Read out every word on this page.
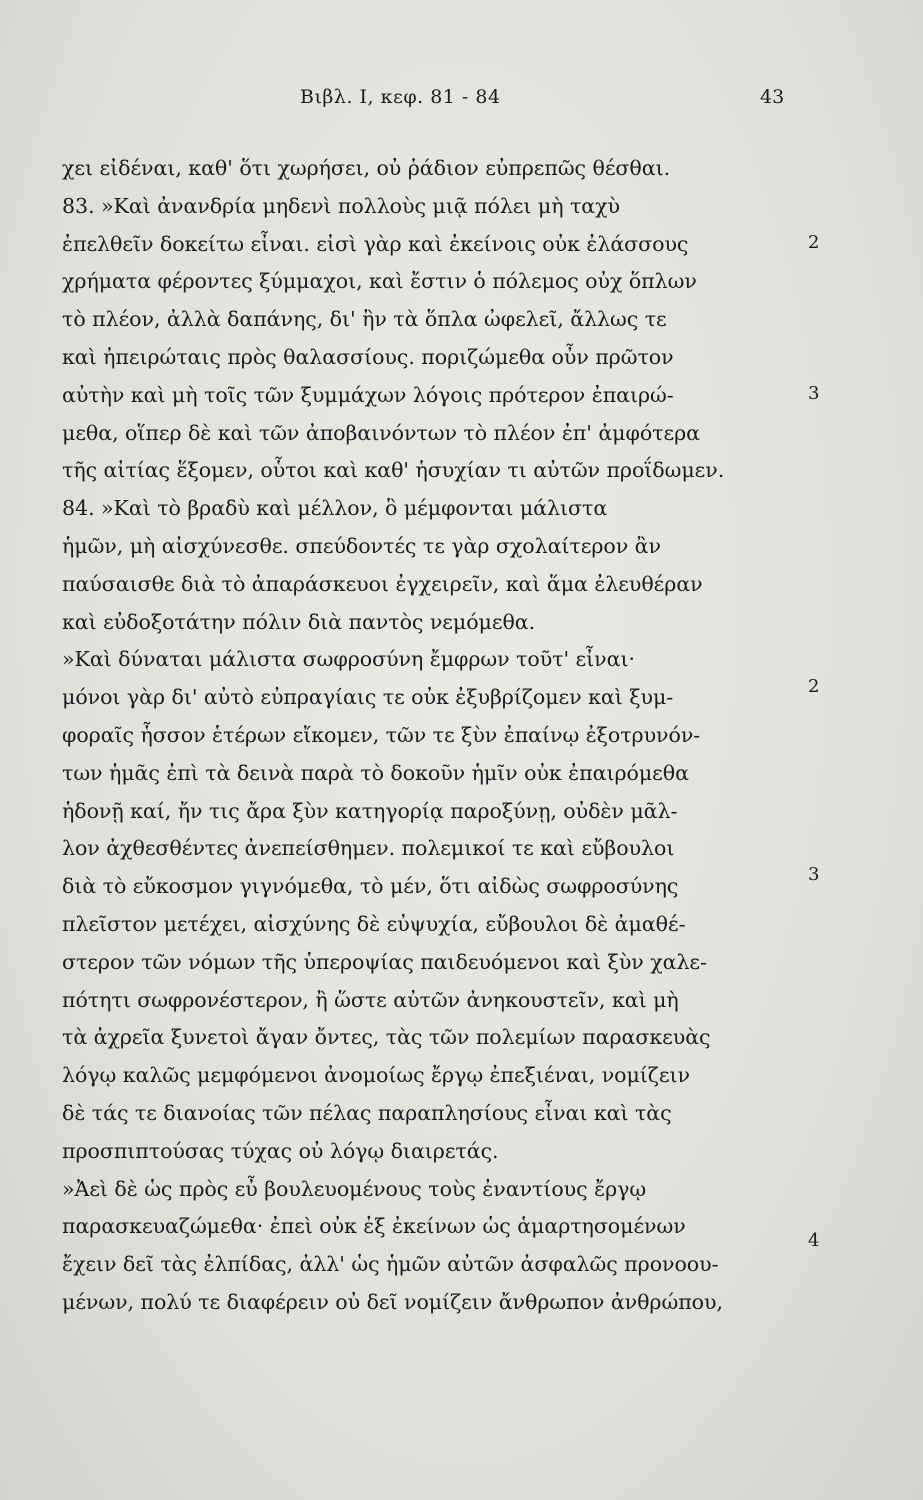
Βιβλ. Ι, κεφ. 81 - 84	43
χει εἰδέναι, καθ' ὅτι χωρήσει, οὐ ῥάδιον εὐπρεπῶς θέσθαι.
83. »Καὶ ἀνανδρία μηδενὶ πολλοὺς μιᾷ πόλει μὴ ταχὺ
ἐπελθεῖν δοκείτω εἶναι. εἰσὶ γὰρ καὶ ἐκείνοις οὐκ ἐλάσσους
χρήματα φέροντες ξύμμαχοι, καὶ ἔστιν ὁ πόλεμος οὐχ ὅπλων
τὸ πλέον, ἀλλὰ δαπάνης, δι' ἣν τὰ ὅπλα ὠφελεῖ, ἄλλως τε
καὶ ἠπειρώταις πρὸς θαλασσίους. ποριζώμεθα οὖν πρῶτον
αὐτὴν καὶ μὴ τοῖς τῶν ξυμμάχων λόγοις πρότερον ἐπαιρώ-
μεθα, οἵπερ δὲ καὶ τῶν ἀποβαινόντων τὸ πλέον ἐπ' ἀμφότερα
τῆς αἰτίας ἕξομεν, οὗτοι καὶ καθ' ἡσυχίαν τι αὐτῶν προΐδωμεν.
84. »Καὶ τὸ βραδὺ καὶ μέλλον, ὃ μέμφονται μάλιστα
ἡμῶν, μὴ αἰσχύνεσθε. σπεύδοντές τε γὰρ σχολαίτερον ἂν
παύσαισθε διὰ τὸ ἀπαράσκευοι ἐγχειρεῖν, καὶ ἅμα ἐλευθέραν
καὶ εὐδοξοτάτην πόλιν διὰ παντὸς νεμόμεθα.
»Καὶ δύναται μάλιστα σωφροσύνη ἔμφρων τοῦτ' εἶναι·
μόνοι γὰρ δι' αὐτὸ εὐπραγίαις τε οὐκ ἐξυβρίζομεν καὶ ξυμ-
φοραῖς ἧσσον ἑτέρων εἴκομεν, τῶν τε ξὺν ἐπαίνῳ ἐξοτρυνόν-
των ἡμᾶς ἐπὶ τὰ δεινὰ παρὰ τὸ δοκοῦν ἡμῖν οὐκ ἐπαιρόμεθα
ἡδονῇ καί, ἤν τις ἄρα ξὺν κατηγορίᾳ παροξύνῃ, οὐδὲν μᾶλ-
λον ἀχθεσθέντες ἀνεπείσθημεν. πολεμικοί τε καὶ εὔβουλοι
διὰ τὸ εὔκοσμον γιγνόμεθα, τὸ μέν, ὅτι αἰδὼς σωφροσύνης
πλεῖστον μετέχει, αἰσχύνης δὲ εὐψυχία, εὔβουλοι δὲ ἀμαθέ-
στερον τῶν νόμων τῆς ὑπεροψίας παιδευόμενοι καὶ ξὺν χαλε-
πότητι σωφρονέστερον, ἢ ὥστε αὐτῶν ἀνηκουστεῖν, καὶ μὴ
τὰ ἀχρεῖα ξυνετοὶ ἄγαν ὄντες, τὰς τῶν πολεμίων παρασκευὰς
λόγῳ καλῶς μεμφόμενοι ἀνομοίως ἔργῳ ἐπεξιέναι, νομίζειν
δὲ τάς τε διανοίας τῶν πέλας παραπλησίους εἶναι καὶ τὰς
προσπιπτούσας τύχας οὐ λόγῳ διαιρετάς.
»Ἀεὶ δὲ ὡς πρὸς εὖ βουλευομένους τοὺς ἐναντίους ἔργῳ
παρασκευαζώμεθα· ἐπεὶ οὐκ ἐξ ἐκείνων ὡς ἁμαρτησομένων
ἔχειν δεῖ τὰς ἐλπίδας, ἀλλ' ὡς ἡμῶν αὐτῶν ἀσφαλῶς προνοου-
μένων, πολύ τε διαφέρειν οὐ δεῖ νομίζειν ἄνθρωπον ἀνθρώπου,
2
3
2
3
4
